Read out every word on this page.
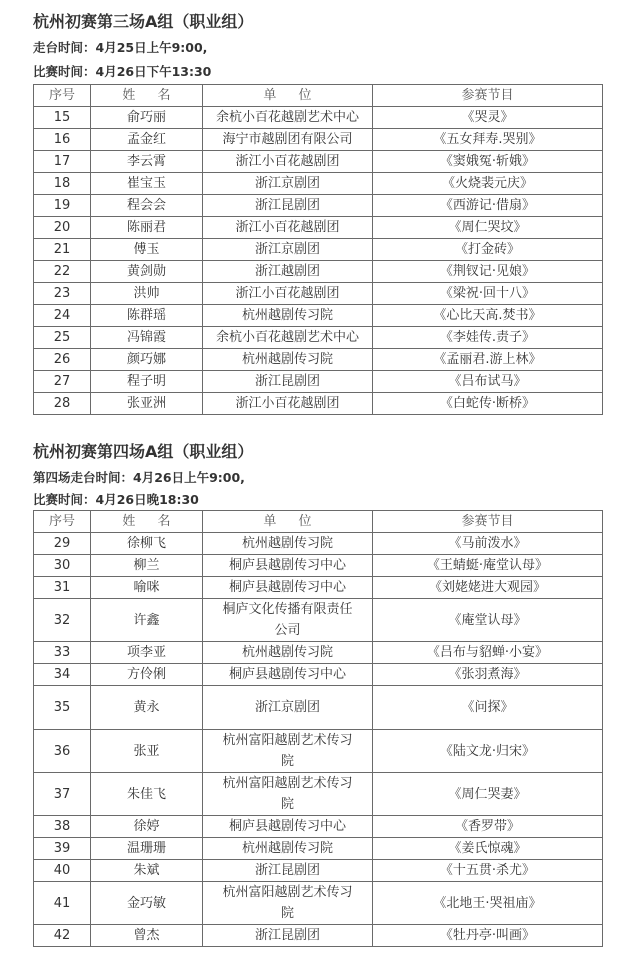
杭州初赛第三场A组（职业组）
走台时间：4月25日上午9:00,
比赛时间：4月26日下午13:30
序号	姓 名	单 位	参赛节目
15	俞巧丽	余杭小百花越剧艺术中心	《哭灵》
16	孟金红	海宁市越剧团有限公司	《五女拜寿.哭别》
17	李云霄	浙江小百花越剧团	《窦娥冤·斩娥》
18	崔宝玉	浙江京剧团	《火烧裴元庆》
19	程会会	浙江昆剧团	《西游记·借扇》
20	陈丽君	浙江小百花越剧团	《周仁哭坟》
21	傅玉	浙江京剧团	《打金砖》
22	黄剑勋	浙江越剧团	《荆钗记·见娘》
23	洪帅	浙江小百花越剧团	《梁祝·回十八》
24	陈群瑶	杭州越剧传习院	《心比天高.焚书》
25	冯锦霞	余杭小百花越剧艺术中心	《李娃传.责子》
26	颜巧娜	杭州越剧传习院	《孟丽君.游上林》
27	程子明	浙江昆剧团	《吕布试马》
28	张亚洲	浙江小百花越剧团	《白蛇传·断桥》
杭州初赛第四场A组（职业组）
第四场走台时间：4月26日上午9:00,
比赛时间：4月26日晚18:30
序号	姓 名	单 位	参赛节目
29	徐柳飞	杭州越剧传习院	《马前泼水》
30	柳兰	桐庐县越剧传习中心	《王蜻蜓·庵堂认母》
31	喻咪	桐庐县越剧传习中心	《刘姥姥进大观园》
32	许鑫	桐庐文化传播有限责任公司	《庵堂认母》
33	项李亚	杭州越剧传习院	《吕布与貂蝉·小宴》
34	方伶俐	桐庐县越剧传习中心	《张羽煮海》
35	黄永	浙江京剧团	《问探》
36	张亚	杭州富阳越剧艺术传习院	《陆文龙·归宋》
37	朱佳飞	杭州富阳越剧艺术传习院	《周仁哭妻》
38	徐婷	桐庐县越剧传习中心	《香罗带》
39	温珊珊	杭州越剧传习院	《姜氏惊魂》
40	朱斌	浙江昆剧团	《十五贯·杀尤》
41	金巧敏	杭州富阳越剧艺术传习院	《北地王·哭祖庙》
42	曾杰	浙江昆剧团	《牡丹亭·叫画》
